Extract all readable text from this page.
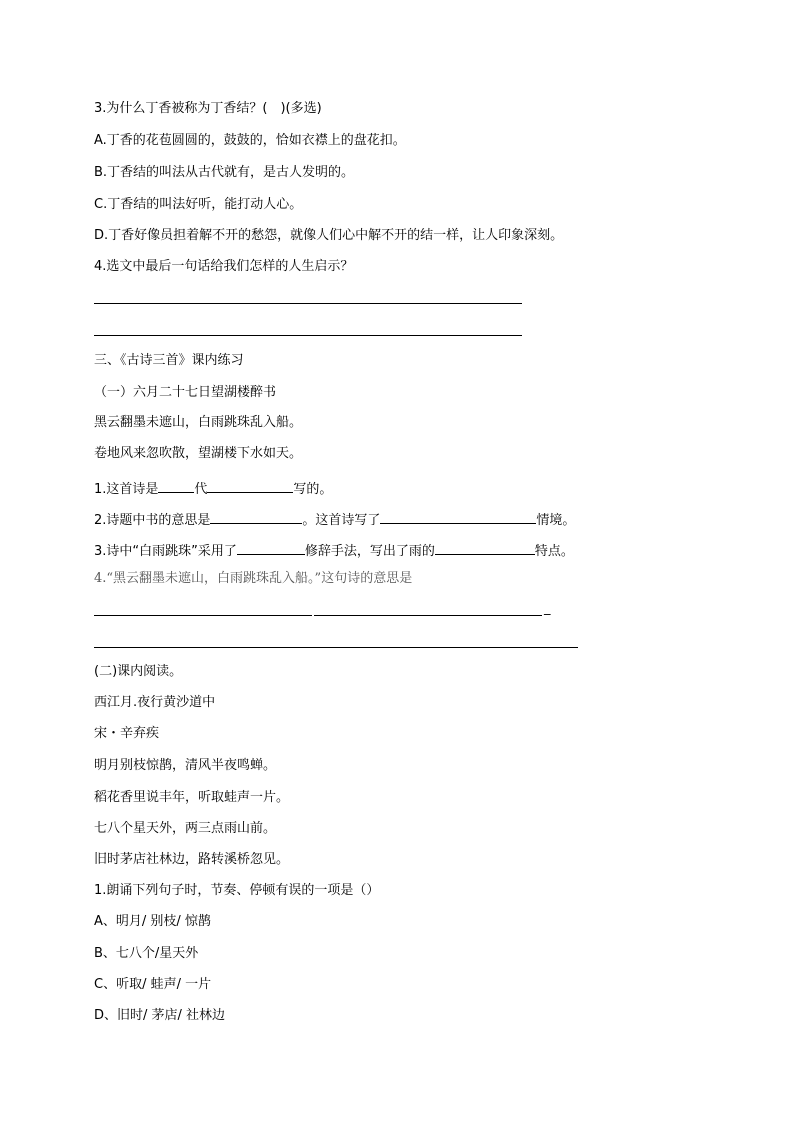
3.为什么丁香被称为丁香结？(　)(多选)
A.丁香的花苞圆圆的，鼓鼓的，恰如衣襟上的盘花扣。
B.丁香结的叫法从古代就有，是古人发明的。
C.丁香结的叫法好听，能打动人心。
D.丁香好像员担着解不开的愁怨，就像人们心中解不开的结一样，让人印象深刻。
4.选文中最后一句话给我们怎样的人生启示？
三、《古诗三首》课内练习
（一）六月二十七日望湖楼醉书
黑云翻墨未遮山，白雨跳珠乱入船。
卷地风来忽吹散，望湖楼下水如天。
1.这首诗是	代	写的。
2.诗题中书的意思是	。这首诗写了	情境。
3.诗中“白雨跳珠”采用了	修辞手法，写出了雨的	特点。
4.“黑云翻墨未遮山，白雨跳珠乱入船。”这句诗的意思是
_
(二)课内阅读。
西江月.夜行黄沙道中
宋・辛弃疾
明月别枝惊鹊，清风半夜鸣蝉。
稻花香里说丰年，听取蛙声一片。
七八个星天外，两三点雨山前。
旧时茅店社林边，路转溪桥忽见。
1.朗诵下列句子时，节奏、停顿有误的一项是（）
A、明月/ 别枝/ 惊鹊
B、七八个/星天外
C、听取/ 蛙声/ 一片
D、旧时/ 茅店/ 社林边
